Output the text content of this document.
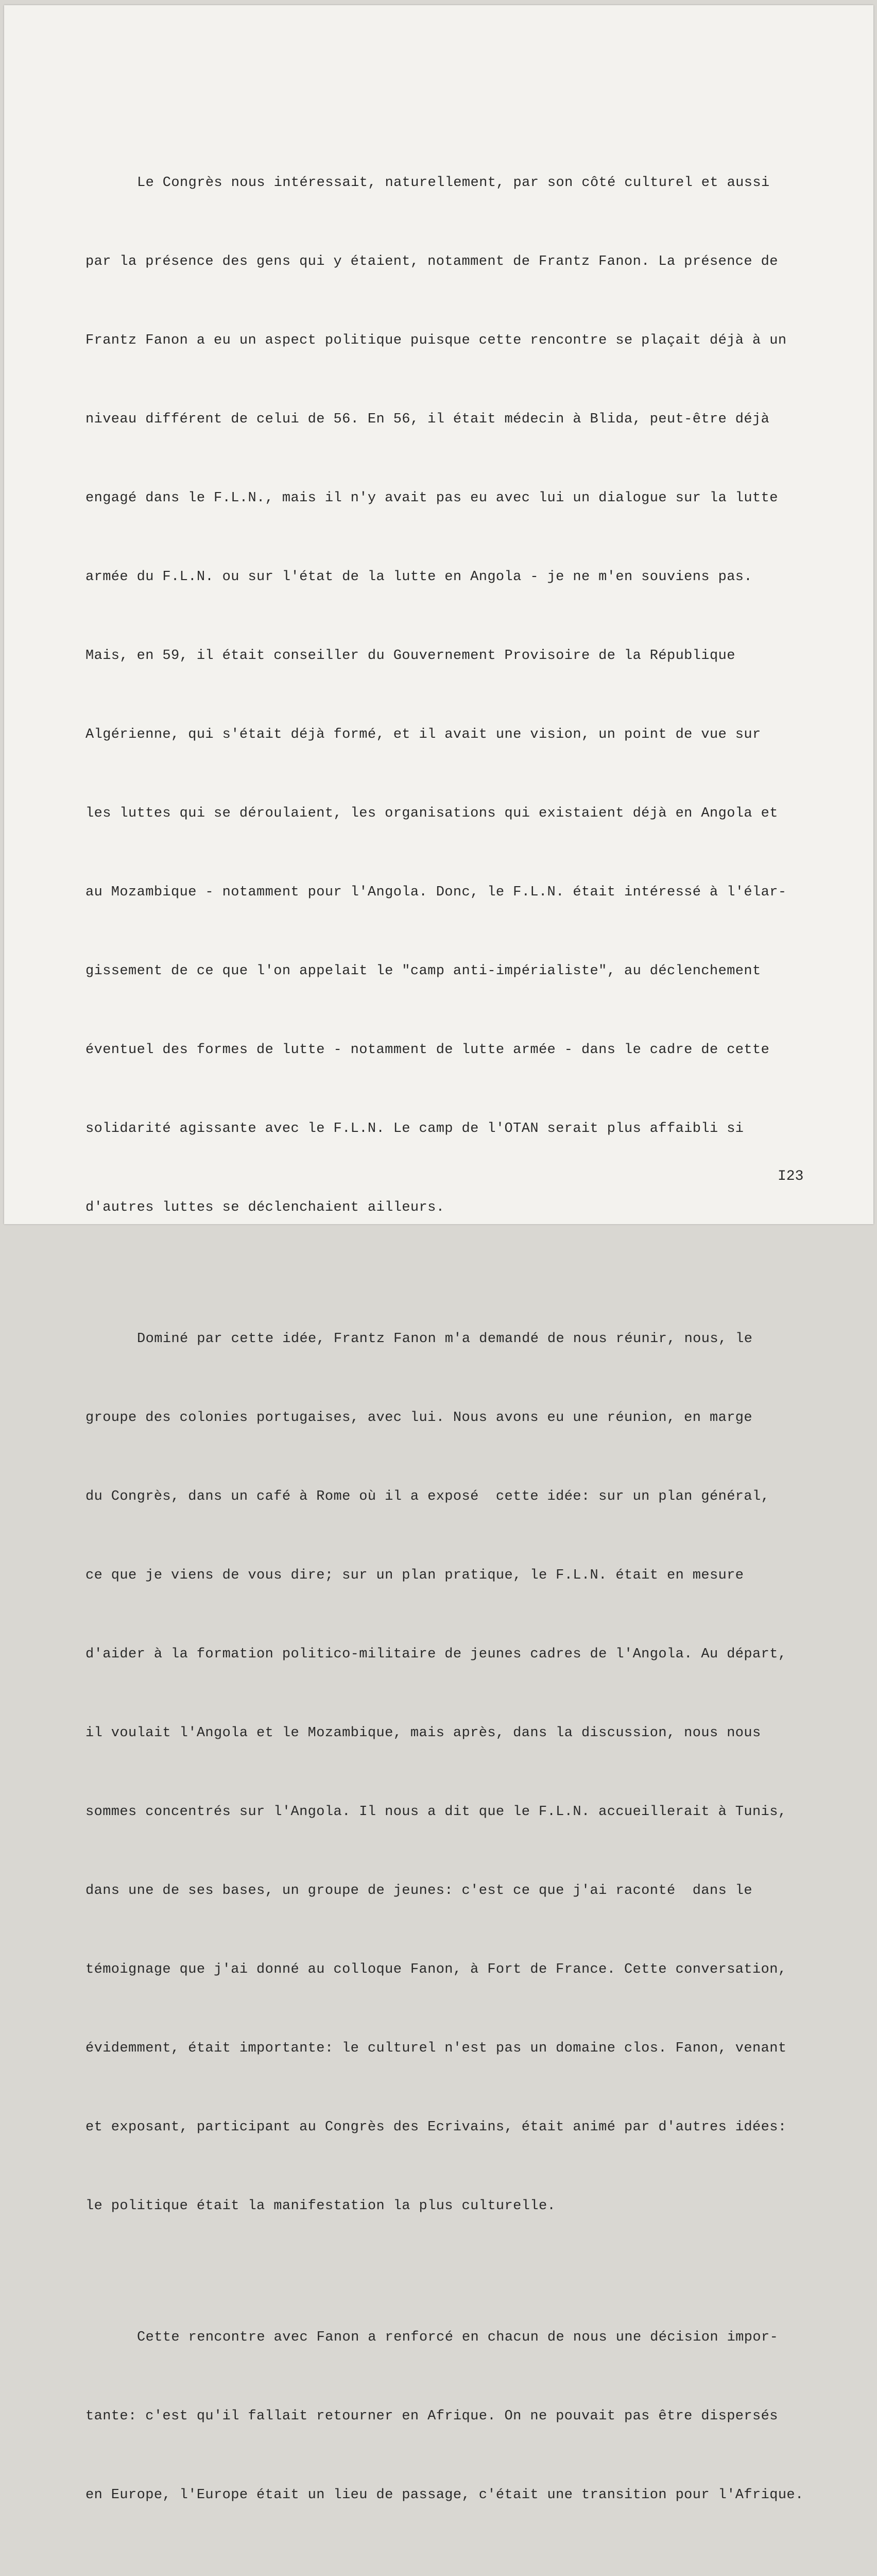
Le Congrès nous intéressait, naturellement, par son côté culturel et aussi

par la présence des gens qui y étaient, notamment de Frantz Fanon. La présence de

Frantz Fanon a eu un aspect politique puisque cette rencontre se plaçait déjà à un

niveau différent de celui de 56. En 56, il était médecin à Blida, peut-être déjà

engagé dans le F.L.N., mais il n'y avait pas eu avec lui un dialogue sur la lutte

armée du F.L.N. ou sur l'état de la lutte en Angola - je ne m'en souviens pas.

Mais, en 59, il était conseiller du Gouvernement Provisoire de la République

Algérienne, qui s'était déjà formé, et il avait une vision, un point de vue sur

les luttes qui se déroulaient, les organisations qui existaient déjà en Angola et

au Mozambique - notamment pour l'Angola. Donc, le F.L.N. était intéressé à l'élar-

gissement de ce que l'on appelait le "camp anti-impérialiste", au déclenchement

éventuel des formes de lutte - notamment de lutte armée - dans le cadre de cette

solidarité agissante avec le F.L.N. Le camp de l'OTAN serait plus affaibli si

d'autres luttes se déclenchaient ailleurs.

Dominé par cette idée, Frantz Fanon m'a demandé de nous réunir, nous, le

groupe des colonies portugaises, avec lui. Nous avons eu une réunion, en marge

du Congrès, dans un café à Rome où il a exposé  cette idée: sur un plan général,

ce que je viens de vous dire; sur un plan pratique, le F.L.N. était en mesure

d'aider à la formation politico-militaire de jeunes cadres de l'Angola. Au départ,

il voulait l'Angola et le Mozambique, mais après, dans la discussion, nous nous

sommes concentrés sur l'Angola. Il nous a dit que le F.L.N. accueillerait à Tunis,

dans une de ses bases, un groupe de jeunes: c'est ce que j'ai raconté  dans le

témoignage que j'ai donné au colloque Fanon, à Fort de France. Cette conversation,

évidemment, était importante: le culturel n'est pas un domaine clos. Fanon, venant

et exposant, participant au Congrès des Ecrivains, était animé par d'autres idées:

le politique était la manifestation la plus culturelle.

Cette rencontre avec Fanon a renforcé en chacun de nous une décision impor-

tante: c'est qu'il fallait retourner en Afrique. On ne pouvait pas être dispersés

en Europe, l'Europe était un lieu de passage, c'était une transition pour l'Afrique.

I23
